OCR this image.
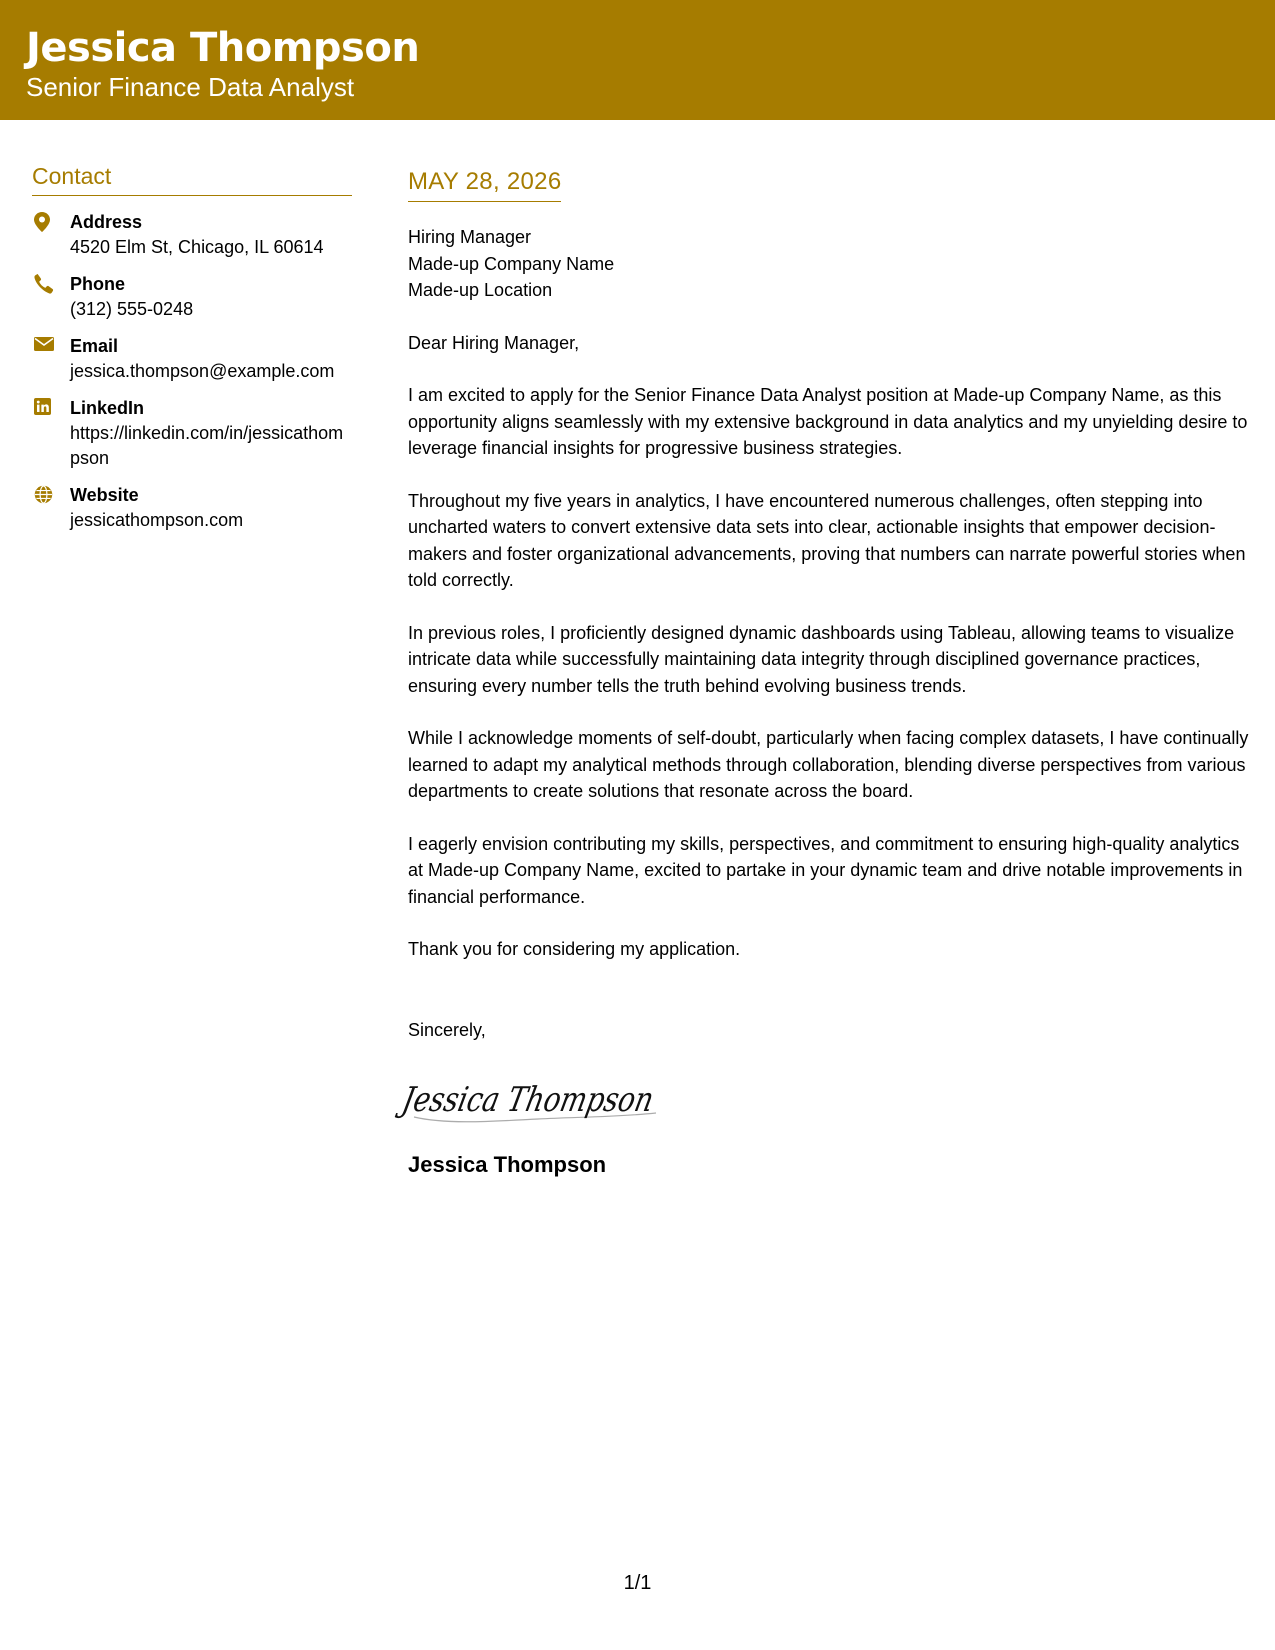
Jessica Thompson
Senior Finance Data Analyst
Contact
Address
4520 Elm St, Chicago, IL 60614
Phone
(312) 555-0248
Email
jessica.thompson@example.com
LinkedIn
https://linkedin.com/in/jessicathompson
Website
jessicathompson.com
MAY 28, 2026
Hiring Manager
Made-up Company Name
Made-up Location
Dear Hiring Manager,
I am excited to apply for the Senior Finance Data Analyst position at Made-up Company Name, as this opportunity aligns seamlessly with my extensive background in data analytics and my unyielding desire to leverage financial insights for progressive business strategies.
Throughout my five years in analytics, I have encountered numerous challenges, often stepping into uncharted waters to convert extensive data sets into clear, actionable insights that empower decision-makers and foster organizational advancements, proving that numbers can narrate powerful stories when told correctly.
In previous roles, I proficiently designed dynamic dashboards using Tableau, allowing teams to visualize intricate data while successfully maintaining data integrity through disciplined governance practices, ensuring every number tells the truth behind evolving business trends.
While I acknowledge moments of self-doubt, particularly when facing complex datasets, I have continually learned to adapt my analytical methods through collaboration, blending diverse perspectives from various departments to create solutions that resonate across the board.
I eagerly envision contributing my skills, perspectives, and commitment to ensuring high-quality analytics at Made-up Company Name, excited to partake in your dynamic team and drive notable improvements in financial performance.
Thank you for considering my application.
Sincerely,
Jessica Thompson
Jessica Thompson
1/1
